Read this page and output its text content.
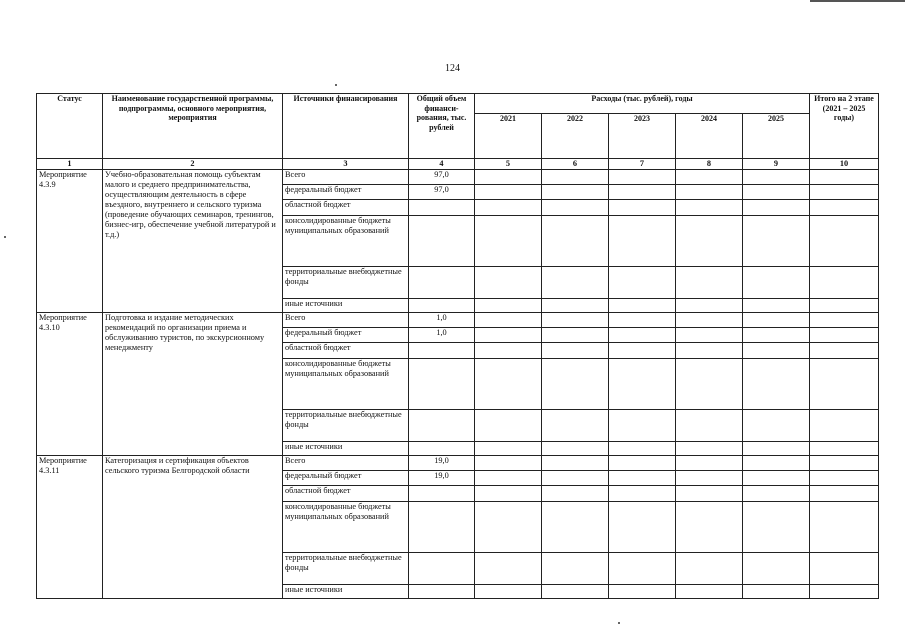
124
Статус	Наименование государственной программы, подпрограммы, основного мероприятия, мероприятия	Источники финансирования	Общий объем финанси-рования, тыс. рублей	Расходы (тыс. рублей), годы					Итого на 2 этапе (2021 – 2025 годы)
				2021	2022	2023	2024	2025	
1	2	3	4	5	6	7	8	9	10
Мероприятие 4.3.9	Учебно-образовательная помощь субъектам малого и среднего предпринимательства, осуществляющим деятельность в сфере въездного, внутреннего и сельского туризма (проведение обучающих семинаров, тренингов, бизнес-игр, обеспечение учебной литературой и т.д.)	Всего	97,0						
		федеральный бюджет	97,0						
		областной бюджет							
		консолидированные бюджеты муниципальных образований							
		территориальные внебюджетные фонды							
		иные источники							
Мероприятие 4.3.10	Подготовка и издание методических рекомендаций по организации приема и обслуживанию туристов, по экскурсионному менеджменту	Всего	1,0						
		федеральный бюджет	1,0						
		областной бюджет							
		консолидированные бюджеты муниципальных образований							
		территориальные внебюджетные фонды							
		иные источники							
Мероприятие 4.3.11	Категоризация и сертификация объектов сельского туризма Белгородской области	Всего	19,0						
		федеральный бюджет	19,0						
		областной бюджет							
		консолидированные бюджеты муниципальных образований							
		территориальные внебюджетные фонды							
		иные источники							
